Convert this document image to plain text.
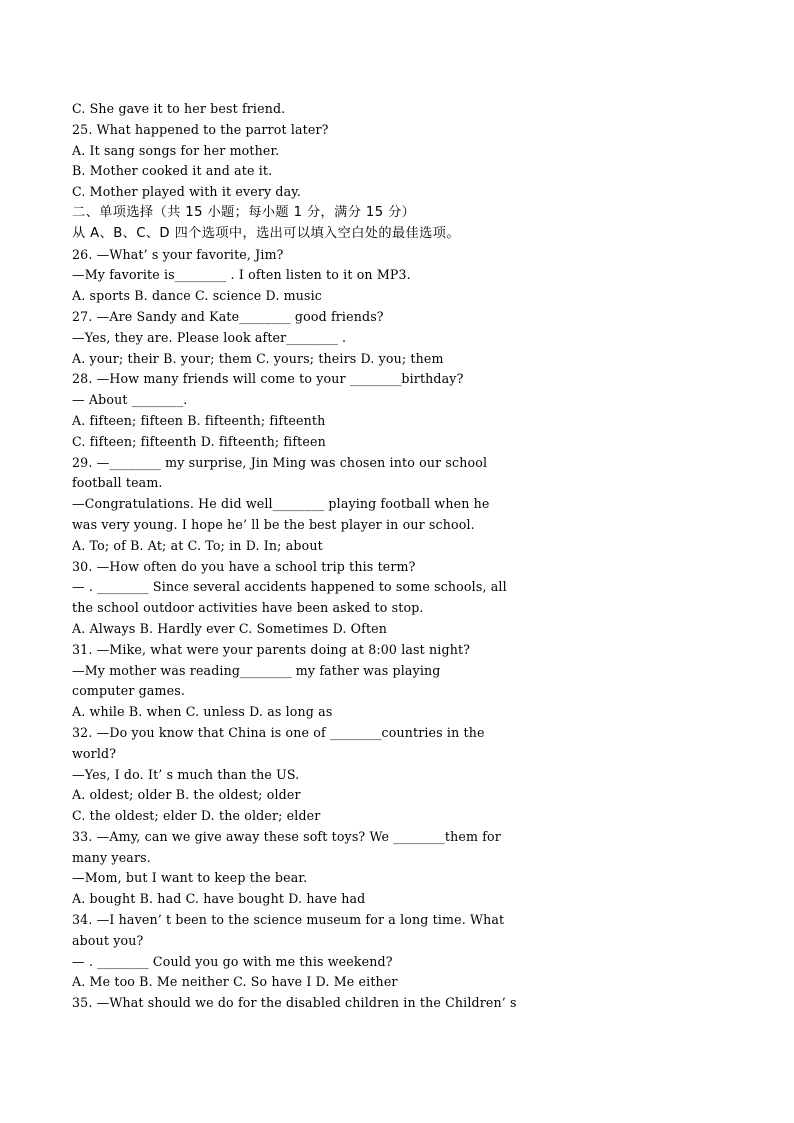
C. She gave it to her best friend.
25. What happened to the parrot later?
A. It sang songs for her mother.
B. Mother cooked it and ate it.
C. Mother played with it every day.
二、单项选择（共 15 小题；每小题 1 分，满分 15 分）
从 A、B、C、D 四个选项中，选出可以填入空白处的最佳选项。
26. —What’ s your favorite, Jim?
—My favorite is________ . I often listen to it on MP3.
A. sports B. dance C. science D. music
27. —Are Sandy and Kate________ good friends?
—Yes, they are. Please look after________ .
A. your; their B. your; them C. yours; theirs D. you; them
28. —How many friends will come to your ________birthday?
— About ________.
A. fifteen; fifteen B. fifteenth; fifteenth
C. fifteen; fifteenth D. fifteenth; fifteen
29. —________ my surprise, Jin Ming was chosen into our school
football team.
—Congratulations. He did well________ playing football when he
was very young. I hope he’ ll be the best player in our school.
A. To; of B. At; at C. To; in D. In; about
30. —How often do you have a school trip this term?
— . ________ Since several accidents happened to some schools, all
the school outdoor activities have been asked to stop.
A. Always B. Hardly ever C. Sometimes D. Often
31. —Mike, what were your parents doing at 8:00 last night?
—My mother was reading________ my father was playing
computer games.
A. while B. when C. unless D. as long as
32. —Do you know that China is one of ________countries in the
world?
—Yes, I do. It’ s much than the US.
A. oldest; older B. the oldest; older
C. the oldest; elder D. the older; elder
33. —Amy, can we give away these soft toys? We ________them for
many years.
—Mom, but I want to keep the bear.
A. bought B. had C. have bought D. have had
34. —I haven’ t been to the science museum for a long time. What
about you?
— . ________ Could you go with me this weekend?
A. Me too B. Me neither C. So have I D. Me either
35. —What should we do for the disabled children in the Children’ s
